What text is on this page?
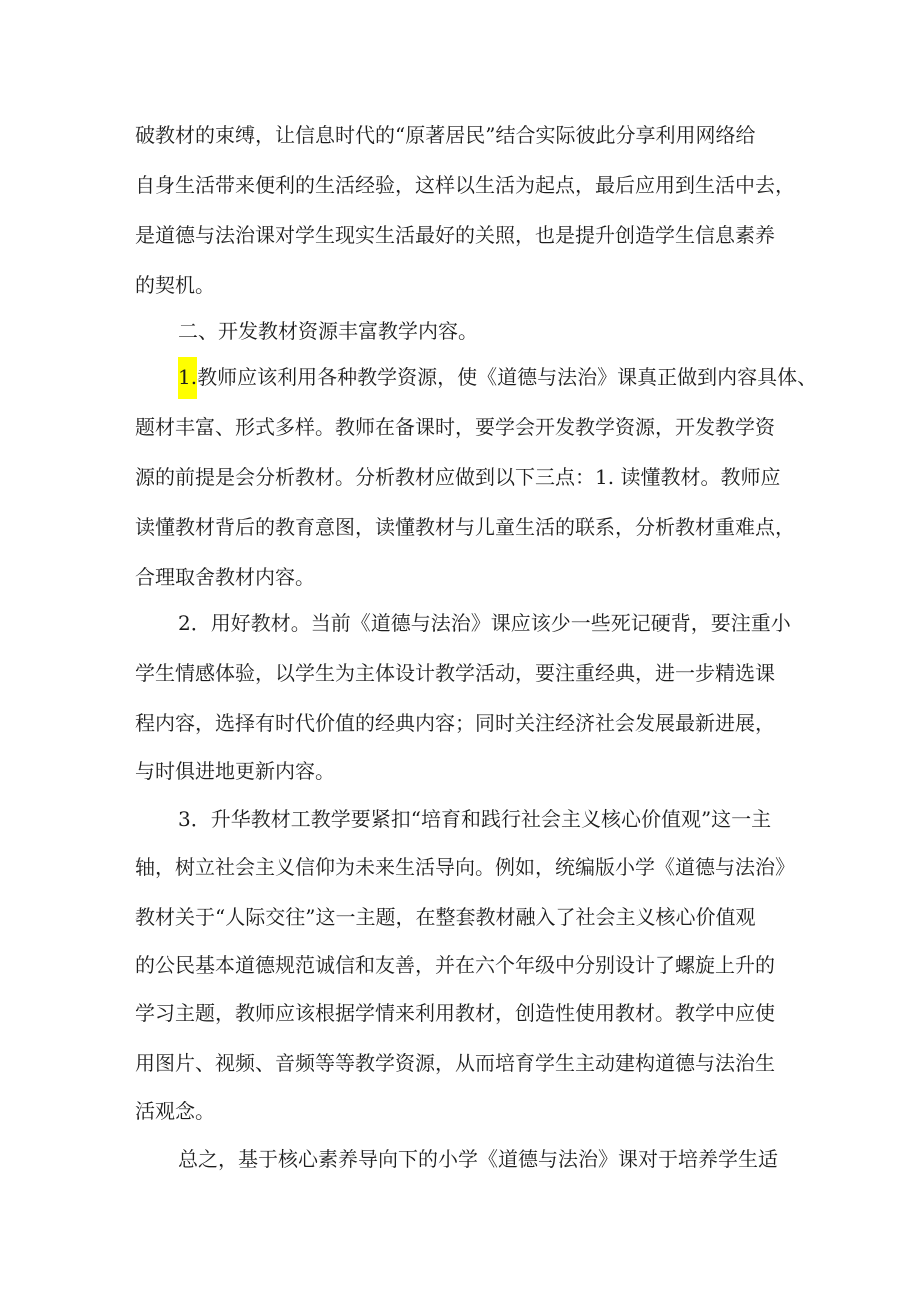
破教材的束缚，让信息时代的“原著居民”结合实际彼此分享利用网络给
自身生活带来便利的生活经验，这样以生活为起点，最后应用到生活中去，
是道德与法治课对学生现实生活最好的关照，也是提升创造学生信息素养
的契机。
二、开发教材资源丰富教学内容。
1.教师应该利用各种教学资源，使《道德与法治》课真正做到内容具体、
题材丰富、形式多样。教师在备课时，要学会开发教学资源，开发教学资
源的前提是会分析教材。分析教材应做到以下三点：1. 读懂教材。教师应
读懂教材背后的教育意图，读懂教材与儿童生活的联系，分析教材重难点，
合理取舍教材内容。
2．用好教材。当前《道德与法治》课应该少一些死记硬背，要注重小
学生情感体验，以学生为主体设计教学活动，要注重经典，进一步精选课
程内容，选择有时代价值的经典内容；同时关注经济社会发展最新进展，
与时俱进地更新内容。
3．升华教材工教学要紧扣“培育和践行社会主义核心价值观”这一主
轴，树立社会主义信仰为未来生活导向。例如，统编版小学《道德与法治》
教材关于“人际交往”这一主题，在整套教材融入了社会主义核心价值观
的公民基本道德规范诚信和友善，并在六个年级中分别设计了螺旋上升的
学习主题，教师应该根据学情来利用教材，创造性使用教材。教学中应使
用图片、视频、音频等等教学资源，从而培育学生主动建构道德与法治生
活观念。
总之，基于核心素养导向下的小学《道德与法治》课对于培养学生适
